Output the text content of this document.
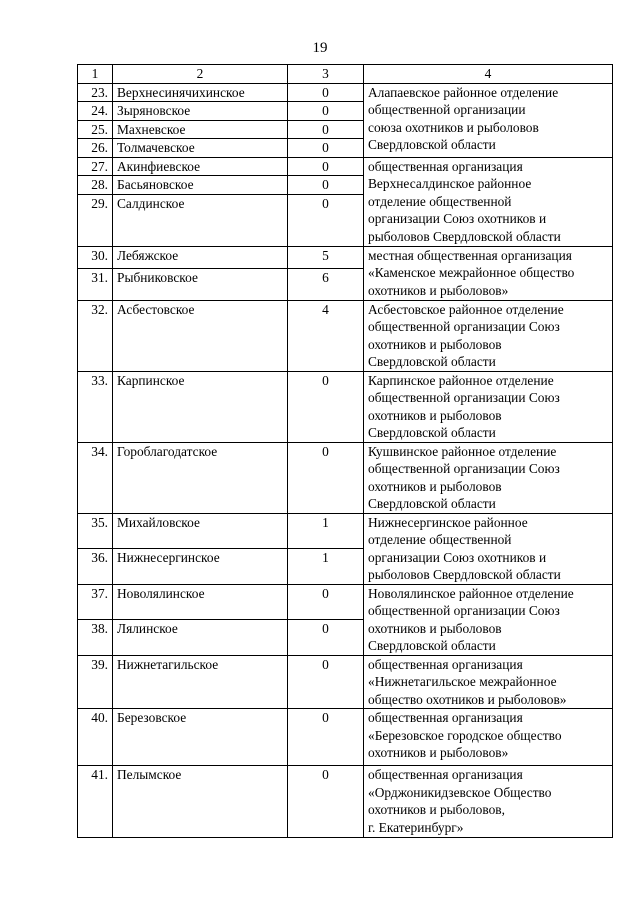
19
1	2	3	4
23.	Верхнесинячихинское	0	Алапаевское районное отделение
общественной организации
союза охотников и рыболовов
Свердловской области

24.	Зыряновское	0	
25.	Махневское	0	
26.	Толмачевское	0	
27.	Акинфиевское	0	общественная организация
Верхнесалдинское районное
отделение общественной
организации Союз охотников и
рыболовов Свердловской области

28.	Басьяновское	0	
29.	Салдинское	0	
30.	Лебяжское	5	местная общественная организация
«Каменское межрайонное общество
охотников и рыболовов»

31.	Рыбниковское	6	
32.	Асбестовское	4	Асбестовское районное отделение
общественной организации Союз
охотников и рыболовов
Свердловской области

33.	Карпинское	0	Карпинское районное отделение
общественной организации Союз
охотников и рыболовов
Свердловской области

34.	Гороблагодатское	0	Кушвинское районное отделение
общественной организации Союз
охотников и рыболовов
Свердловской области

35.	Михайловское	1	Нижнесергинское районное
отделение общественной
организации Союз охотников и
рыболовов Свердловской области

36.	Нижнесергинское	1	
37.	Новолялинское	0	Новолялинское районное отделение
общественной организации Союз
охотников и рыболовов
Свердловской области

38.	Лялинское	0	
39.	Нижнетагильское	0	общественная организация
«Нижнетагильское межрайонное
общество охотников и рыболовов»

40.	Березовское	0	общественная организация
«Березовское городское общество
охотников и рыболовов»

41.	Пелымское	0	общественная организация
«Орджоникидзевское Общество
охотников и рыболовов,
г. Екатеринбург»
